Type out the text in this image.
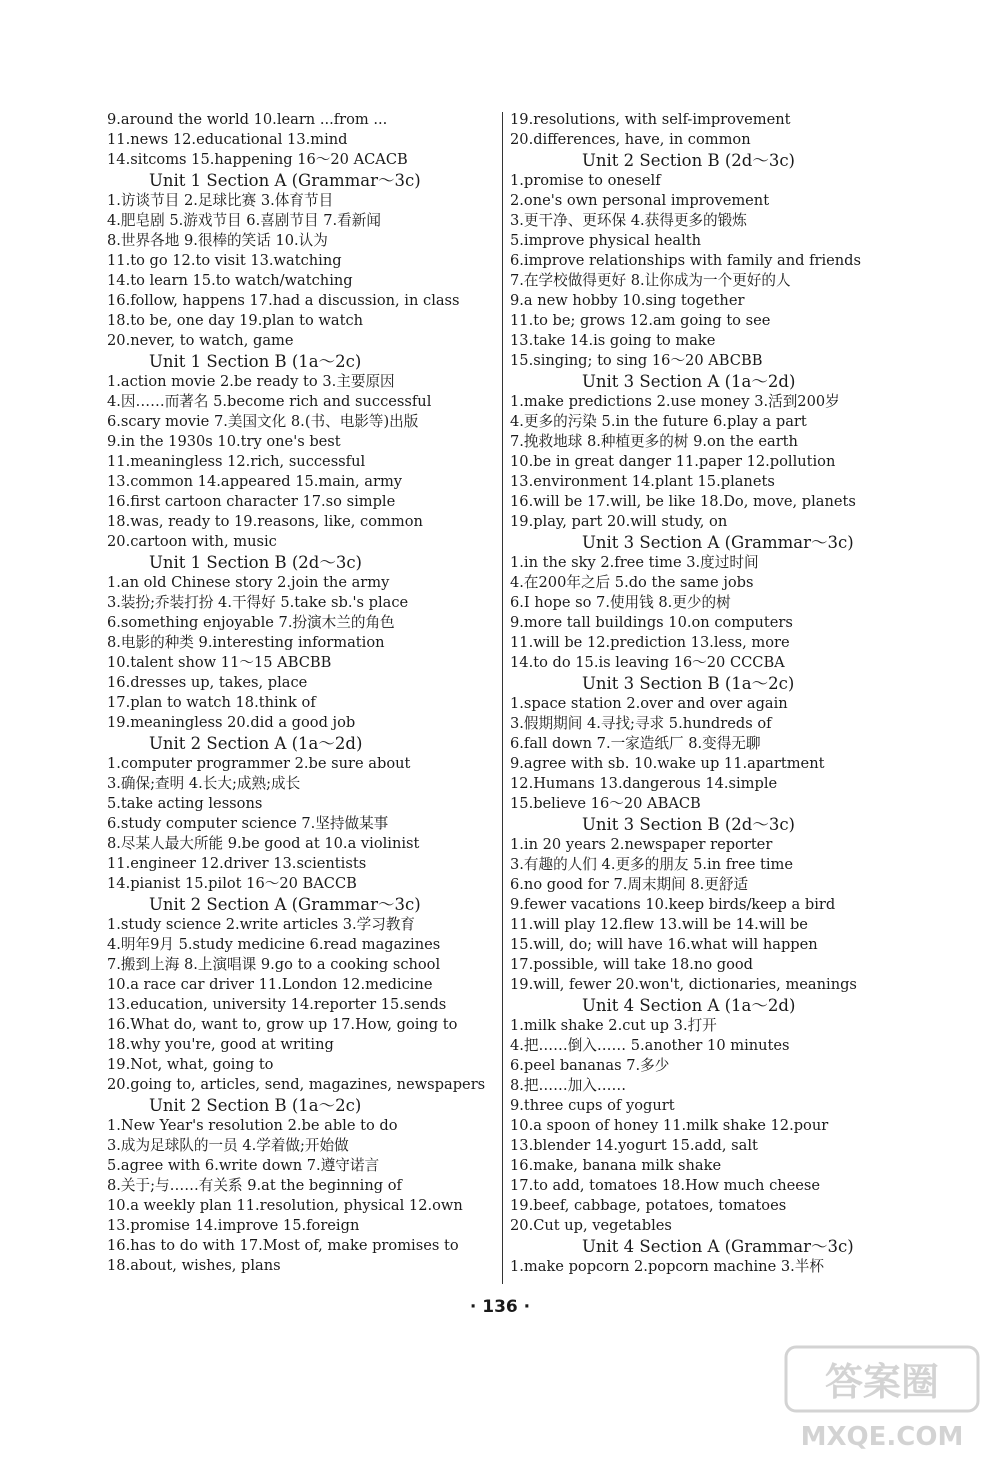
9.around the world 10.learn ...from ...
11.news 12.educational 13.mind
14.sitcoms 15.happening 16～20 ACACB
Unit 1 Section A (Grammar～3c)
1.访谈节目 2.足球比赛 3.体育节目
4.肥皂剧 5.游戏节目 6.喜剧节目 7.看新闻
8.世界各地 9.很棒的笑话 10.认为
11.to go 12.to visit 13.watching
14.to learn 15.to watch/watching
16.follow, happens 17.had a discussion, in class
18.to be, one day 19.plan to watch
20.never, to watch, game
Unit 1 Section B (1a～2c)
1.action movie 2.be ready to 3.主要原因
4.因……而著名 5.become rich and successful
6.scary movie 7.美国文化 8.(书、电影等)出版
9.in the 1930s 10.try one's best
11.meaningless 12.rich, successful
13.common 14.appeared 15.main, army
16.first cartoon character 17.so simple
18.was, ready to 19.reasons, like, common
20.cartoon with, music
Unit 1 Section B (2d～3c)
1.an old Chinese story 2.join the army
3.装扮;乔装打扮 4.干得好 5.take sb.'s place
6.something enjoyable 7.扮演木兰的角色
8.电影的种类 9.interesting information
10.talent show 11～15 ABCBB
16.dresses up, takes, place
17.plan to watch 18.think of
19.meaningless 20.did a good job
Unit 2 Section A (1a～2d)
1.computer programmer 2.be sure about
3.确保;查明 4.长大;成熟;成长
5.take acting lessons
6.study computer science 7.坚持做某事
8.尽某人最大所能 9.be good at 10.a violinist
11.engineer 12.driver 13.scientists
14.pianist 15.pilot 16～20 BACCB
Unit 2 Section A (Grammar～3c)
1.study science 2.write articles 3.学习教育
4.明年9月 5.study medicine 6.read magazines
7.搬到上海 8.上演唱课 9.go to a cooking school
10.a race car driver 11.London 12.medicine
13.education, university 14.reporter 15.sends
16.What do, want to, grow up 17.How, going to
18.why you're, good at writing
19.Not, what, going to
20.going to, articles, send, magazines, newspapers
Unit 2 Section B (1a～2c)
1.New Year's resolution 2.be able to do
3.成为足球队的一员 4.学着做;开始做
5.agree with 6.write down 7.遵守诺言
8.关于;与……有关系 9.at the beginning of
10.a weekly plan 11.resolution, physical 12.own
13.promise 14.improve 15.foreign
16.has to do with 17.Most of, make promises to
18.about, wishes, plans
19.resolutions, with self-improvement
20.differences, have, in common
Unit 2 Section B (2d～3c)
1.promise to oneself
2.one's own personal improvement
3.更干净、更环保 4.获得更多的锻炼
5.improve physical health
6.improve relationships with family and friends
7.在学校做得更好 8.让你成为一个更好的人
9.a new hobby 10.sing together
11.to be; grows 12.am going to see
13.take 14.is going to make
15.singing; to sing 16～20 ABCBB
Unit 3 Section A (1a～2d)
1.make predictions 2.use money 3.活到200岁
4.更多的污染 5.in the future 6.play a part
7.挽救地球 8.种植更多的树 9.on the earth
10.be in great danger 11.paper 12.pollution
13.environment 14.plant 15.planets
16.will be 17.will, be like 18.Do, move, planets
19.play, part 20.will study, on
Unit 3 Section A (Grammar～3c)
1.in the sky 2.free time 3.度过时间
4.在200年之后 5.do the same jobs
6.I hope so 7.使用钱 8.更少的树
9.more tall buildings 10.on computers
11.will be 12.prediction 13.less, more
14.to do 15.is leaving 16～20 CCCBA
Unit 3 Section B (1a～2c)
1.space station 2.over and over again
3.假期期间 4.寻找;寻求 5.hundreds of
6.fall down 7.一家造纸厂 8.变得无聊
9.agree with sb. 10.wake up 11.apartment
12.Humans 13.dangerous 14.simple
15.believe 16～20 ABACB
Unit 3 Section B (2d～3c)
1.in 20 years 2.newspaper reporter
3.有趣的人们 4.更多的朋友 5.in free time
6.no good for 7.周末期间 8.更舒适
9.fewer vacations 10.keep birds/keep a bird
11.will play 12.flew 13.will be 14.will be
15.will, do; will have 16.what will happen
17.possible, will take 18.no good
19.will, fewer 20.won't, dictionaries, meanings
Unit 4 Section A (1a～2d)
1.milk shake 2.cut up 3.打开
4.把……倒入…… 5.another 10 minutes
6.peel bananas 7.多少
8.把……加入……
9.three cups of yogurt
10.a spoon of honey 11.milk shake 12.pour
13.blender 14.yogurt 15.add, salt
16.make, banana milk shake
17.to add, tomatoes 18.How much cheese
19.beef, cabbage, potatoes, tomatoes
20.Cut up, vegetables
Unit 4 Section A (Grammar～3c)
1.make popcorn 2.popcorn machine 3.半杯
· 136 ·
答案圈
MXQE.COM
